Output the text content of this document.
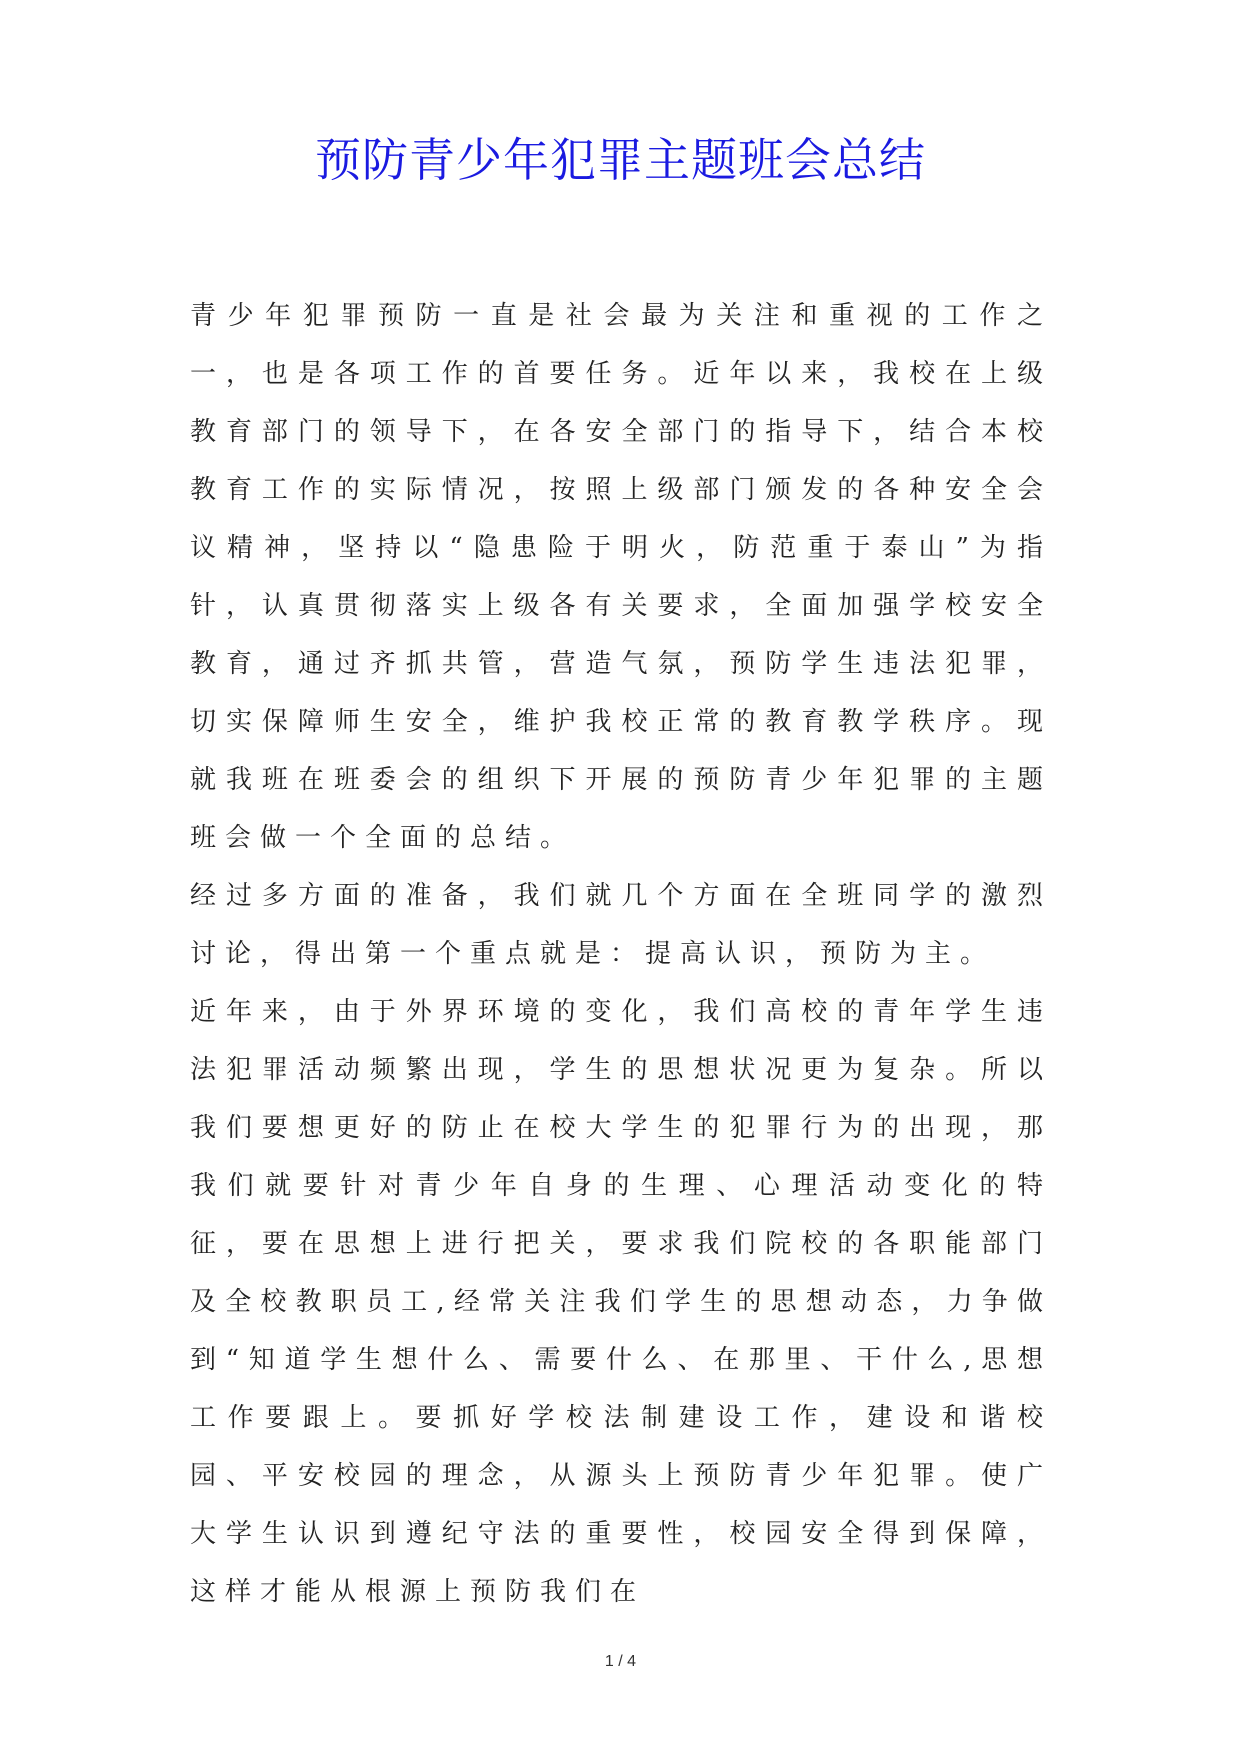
预防青少年犯罪主题班会总结

青少年犯罪预防一直是社会最为关注和重视的工作之一，也是各项工作的首要任务。近年以来，我校在上级教育部门的领导下，在各安全部门的指导下，结合本校教育工作的实际情况，按照上级部门颁发的各种安全会议精神，坚持以“隐患险于明火，防范重于泰山”为指针，认真贯彻落实上级各有关要求，全面加强学校安全教育，通过齐抓共管，营造气氛，预防学生违法犯罪，切实保障师生安全，维护我校正常的教育教学秩序。现就我班在班委会的组织下开展的预防青少年犯罪的主题班会做一个全面的总结。

经过多方面的准备，我们就几个方面在全班同学的激烈讨论，得出第一个重点就是：提高认识，预防为主。

近年来，由于外界环境的变化，我们高校的青年学生违法犯罪活动频繁出现，学生的思想状况更为复杂。所以我们要想更好的防止在校大学生的犯罪行为的出现，那我们就要针对青少年自身的生理、心理活动变化的特征，要在思想上进行把关，要求我们院校的各职能部门及全校教职员工,经常关注我们学生的思想动态，力争做到“知道学生想什么、需要什么、在那里、干什么,思想工作要跟上。要抓好学校法制建设工作，建设和谐校园、平安校园的理念，从源头上预防青少年犯罪。使广大学生认识到遵纪守法的重要性，校园安全得到保障，这样才能从根源上预防我们在

1 / 4
